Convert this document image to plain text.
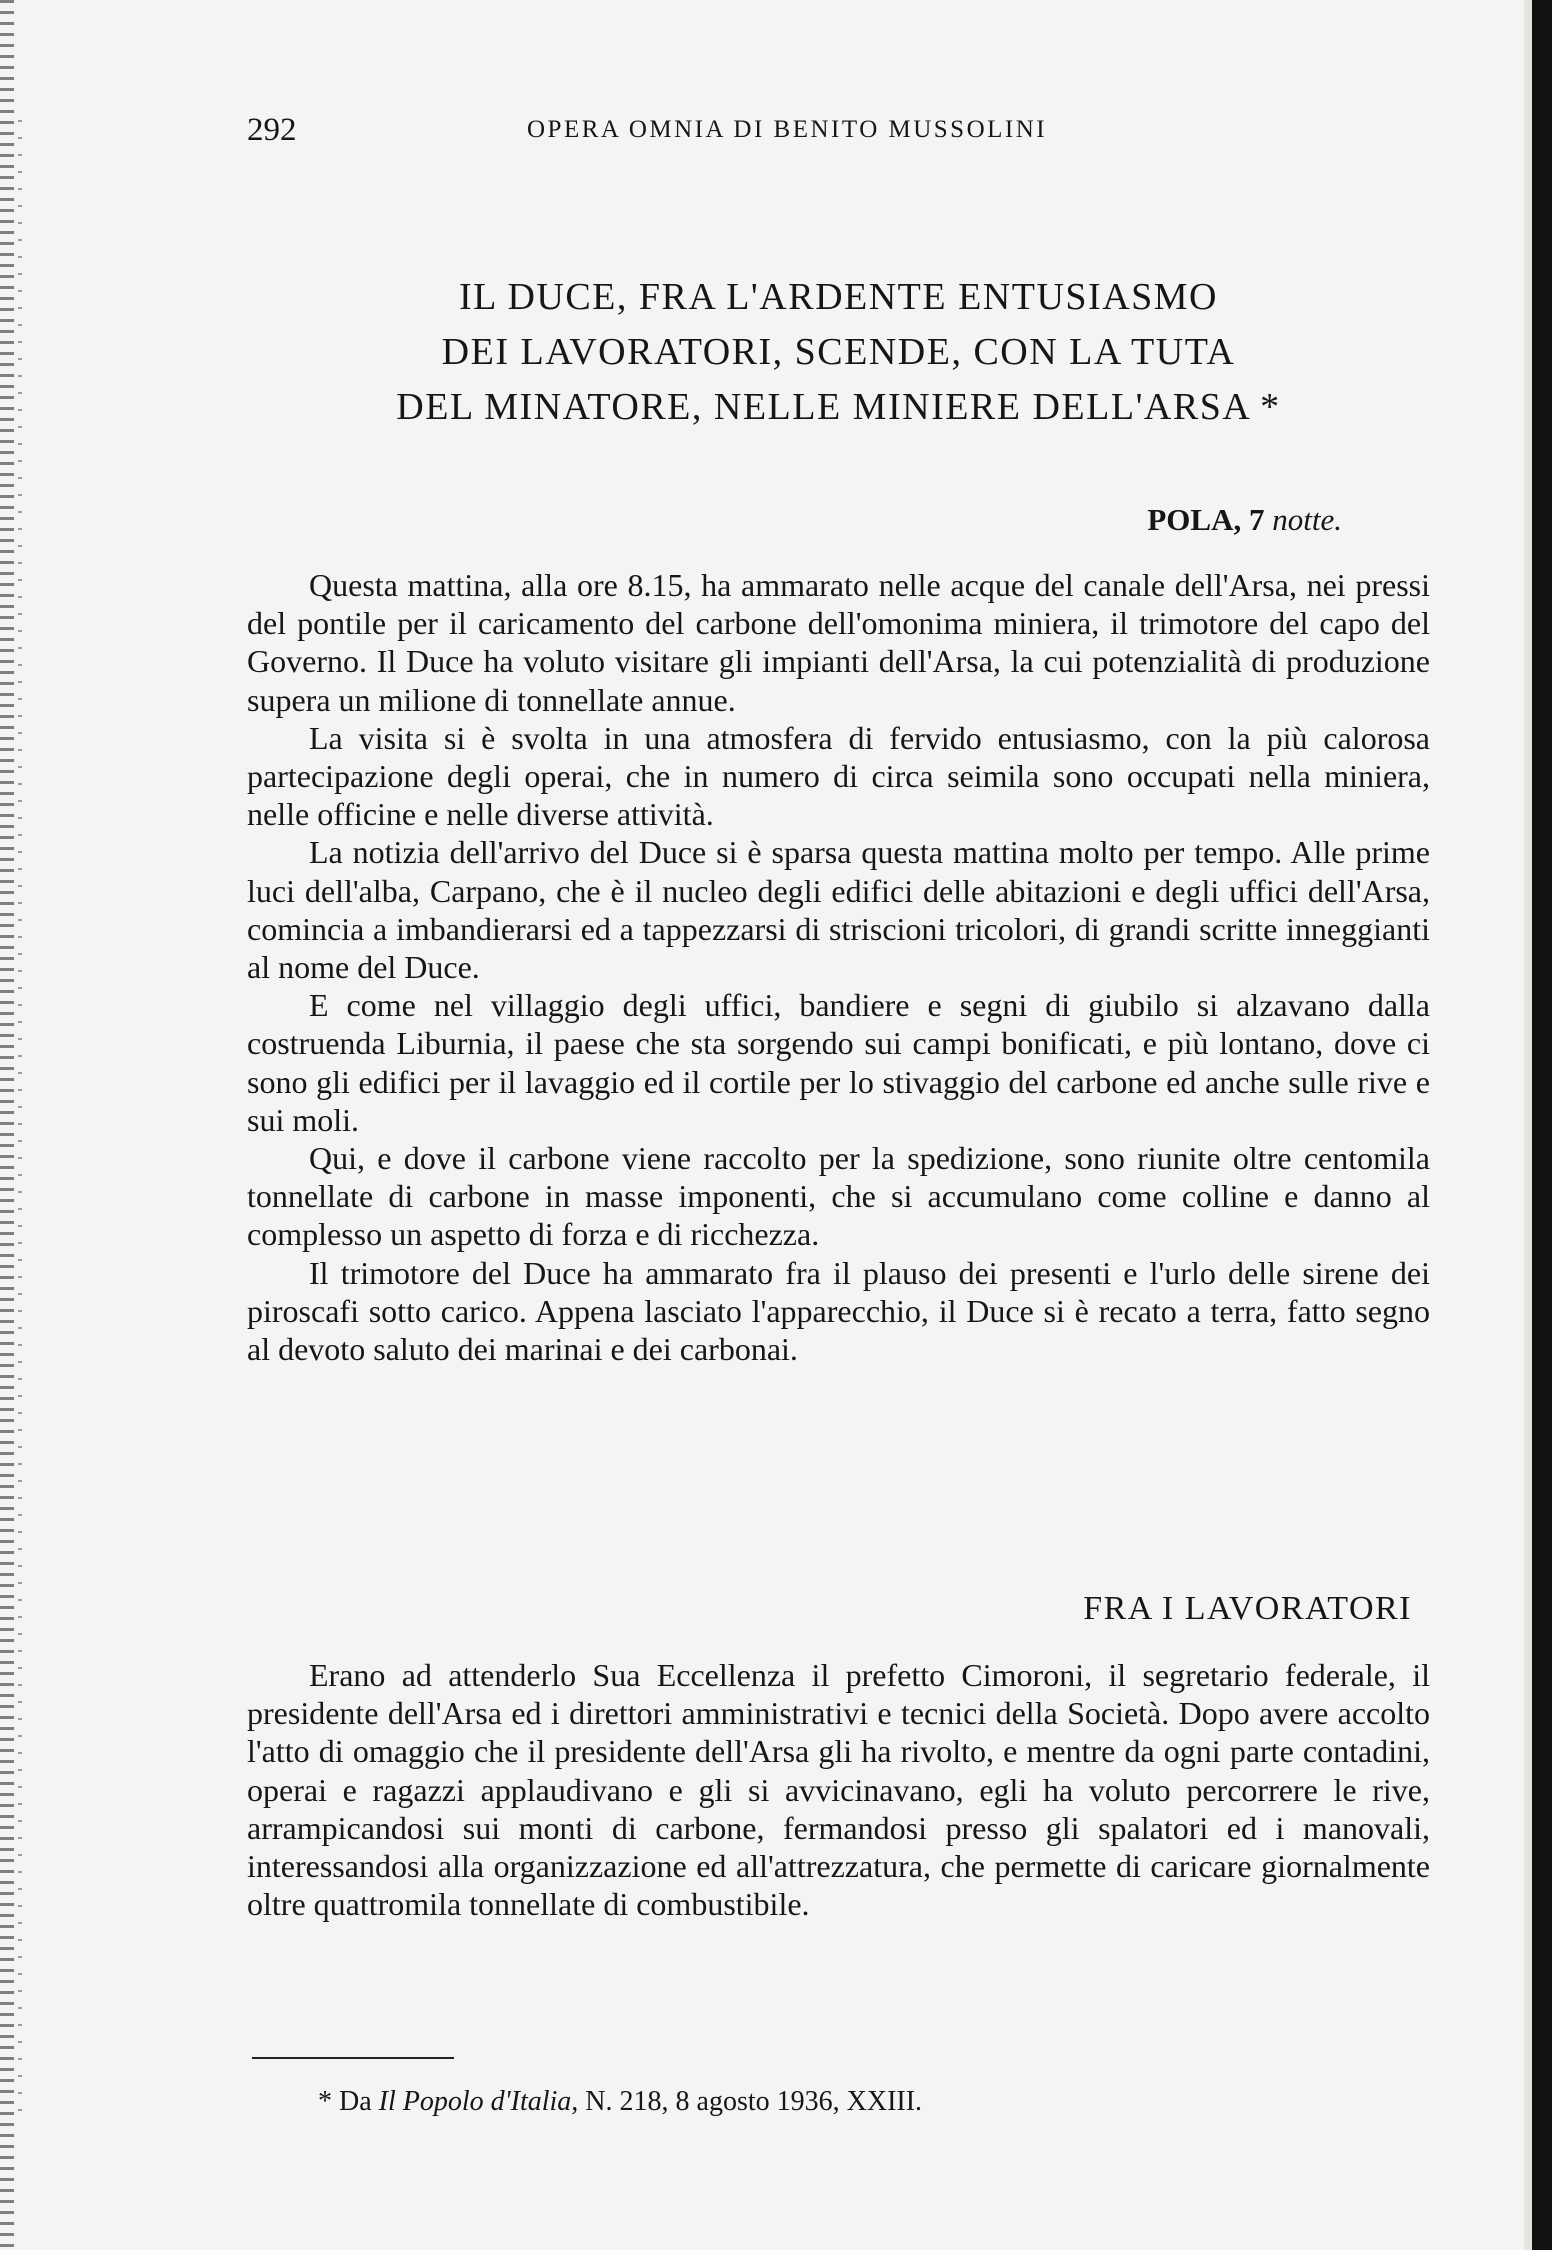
292	OPERA OMNIA DI BENITO MUSSOLINI
IL DUCE, FRA L'ARDENTE ENTUSIASMO
DEI LAVORATORI, SCENDE, CON LA TUTA
DEL MINATORE, NELLE MINIERE DELL'ARSA *
POLA, 7 notte.

Questa mattina, alla ore 8.15, ha ammarato nelle acque del canale dell'Arsa, nei pressi del pontile per il caricamento del carbone dell'omonima miniera, il trimotore del capo del Governo. Il Duce ha voluto visitare gli impianti dell'Arsa, la cui potenzialità di produzione supera un milione di tonnellate annue.

La visita si è svolta in una atmosfera di fervido entusiasmo, con la più calorosa partecipazione degli operai, che in numero di circa seimila sono occupati nella miniera, nelle officine e nelle diverse attività.

La notizia dell'arrivo del Duce si è sparsa questa mattina molto per tempo. Alle prime luci dell'alba, Carpano, che è il nucleo degli edifici delle abitazioni e degli uffici dell'Arsa, comincia a imbandierarsi ed a tappezzarsi di striscioni tricolori, di grandi scritte inneggianti al nome del Duce.

E come nel villaggio degli uffici, bandiere e segni di giubilo si alzavano dalla costruenda Liburnia, il paese che sta sorgendo sui campi bonificati, e più lontano, dove ci sono gli edifici per il lavaggio ed il cortile per lo stivaggio del carbone ed anche sulle rive e sui moli.

Qui, e dove il carbone viene raccolto per la spedizione, sono riunite oltre centomila tonnellate di carbone in masse imponenti, che si accumulano come colline e danno al complesso un aspetto di forza e di ricchezza.

Il trimotore del Duce ha ammarato fra il plauso dei presenti e l'urlo delle sirene dei piroscafi sotto carico. Appena lasciato l'apparecchio, il Duce si è recato a terra, fatto segno al devoto saluto dei marinai e dei carbonai.

FRA I LAVORATORI

Erano ad attenderlo Sua Eccellenza il prefetto Cimoroni, il segretario federale, il presidente dell'Arsa ed i direttori amministrativi e tecnici della Società. Dopo avere accolto l'atto di omaggio che il presidente dell'Arsa gli ha rivolto, e mentre da ogni parte contadini, operai e ragazzi applaudivano e gli si avvicinavano, egli ha voluto percorrere le rive, arrampicandosi sui monti di carbone, fermandosi presso gli spalatori ed i manovali, interessandosi alla organizzazione ed all'attrezzatura, che permette di caricare giornalmente oltre quattromila tonnellate di combustibile.

* Da Il Popolo d'Italia, N. 218, 8 agosto 1936, XXIII.
